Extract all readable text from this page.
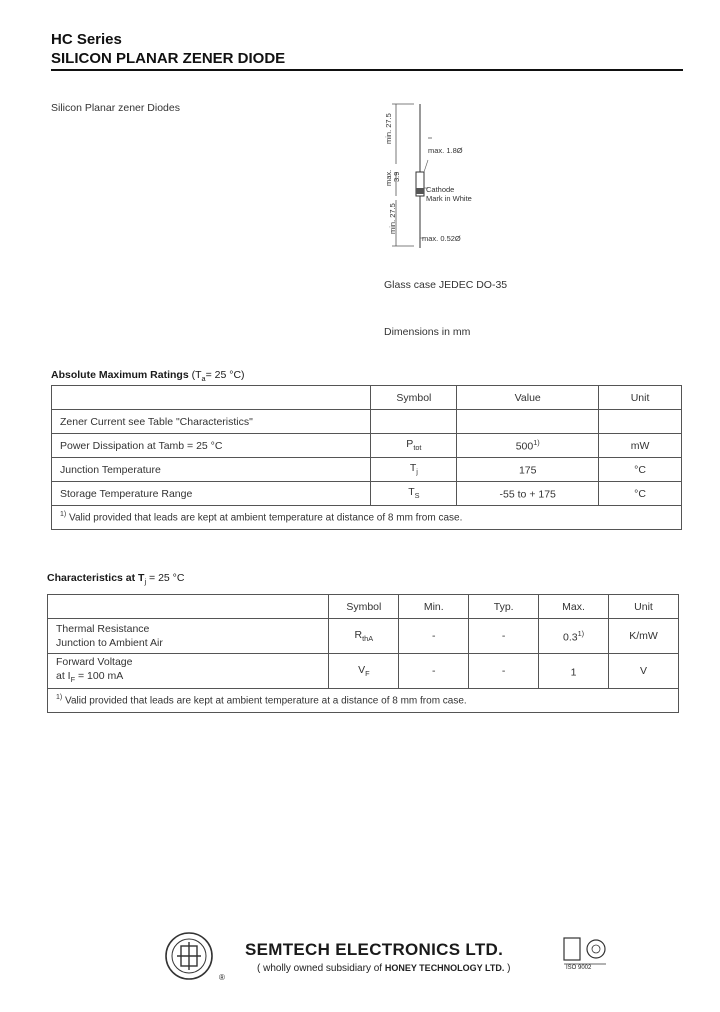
HC Series
SILICON PLANAR ZENER DIODE
Silicon Planar zener Diodes
min. 27.5
max. 1.8Ø
max. 3.9
Cathode
Mark in White
min. 27.5
max. 0.52Ø
Glass case JEDEC DO-35
Dimensions in mm
Absolute Maximum Ratings ($T_a= 25$ °C)
	Symbol	Value	Unit
Zener Current see Table "Characteristics"			
Power Dissipation at Tamb = 25 °C	$P_{tot}$	500$^{1)}$	mW
Junction Temperature	$T_j$	175	°C
Storage Temperature Range	$T_S$	-55 to + 175	°C
$^{1)}$ Valid provided that leads are kept at ambient temperature at distance of 8 mm from case.			
Characteristics at $T_j = 25$ °C
	Symbol	Min.	Typ.	Max.	Unit

Thermal Resistance
Junction to Ambient Air	$R_{thA}$	-	-	0.3$^{1)}$	K/mW

Forward Voltage
at $I_F = 100$ mA	$V_F$	-	-	1	V
$^{1)}$ Valid provided that leads are kept at ambient temperature at a distance of 8 mm from case.					
®
SEMTECH ELECTRONICS LTD.
( wholly owned subsidiary of HONEY TECHNOLOGY LTD. )	ISO 9002
